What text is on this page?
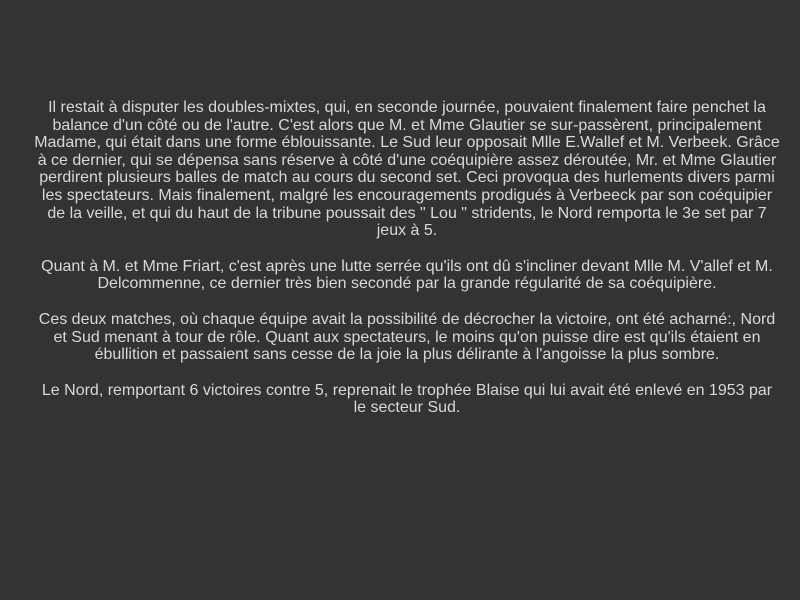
Il restait à disputer les doubles-mixtes, qui, en seconde journée, pouvaient finalement faire penchet la balance d'un côté ou de l'autre. C'est alors que M. et Mme Glautier se sur-passèrent, principalement Madame, qui était dans une forme éblouissante. Le Sud leur opposait Mlle E.Wallef et M. Verbeek. Grâce à ce dernier, qui se dépensa sans réserve à côté d'une coéquipière assez déroutée, Mr. et Mme Glautier perdirent plusieurs balles de match au cours du second set. Ceci provoqua des hurlements divers parmi les spectateurs. Mais finalement, malgré les encouragements prodigués à Verbeeck par son coéquipier de la veille, et qui du haut de la tribune poussait des " Lou " stridents, le Nord remporta le 3e set par 7 jeux à 5.

Quant à M. et Mme Friart, c'est après une lutte serrée qu'ils ont dû s'incliner devant Mlle M. V'allef et M. Delcommenne, ce dernier très bien secondé par la grande régularité de sa coéquipière.

Ces deux matches, où chaque équipe avait la possibilité de décrocher la victoire, ont été acharné:, Nord et Sud menant à tour de rôle. Quant aux spectateurs, le moins qu'on puisse dire est qu'ils étaient en ébullition et passaient sans cesse de la joie la plus délirante à l'angoisse la plus sombre.

Le Nord, remportant 6 victoires contre 5, reprenait le trophée Blaise qui lui avait été enlevé en 1953 par le secteur Sud.
